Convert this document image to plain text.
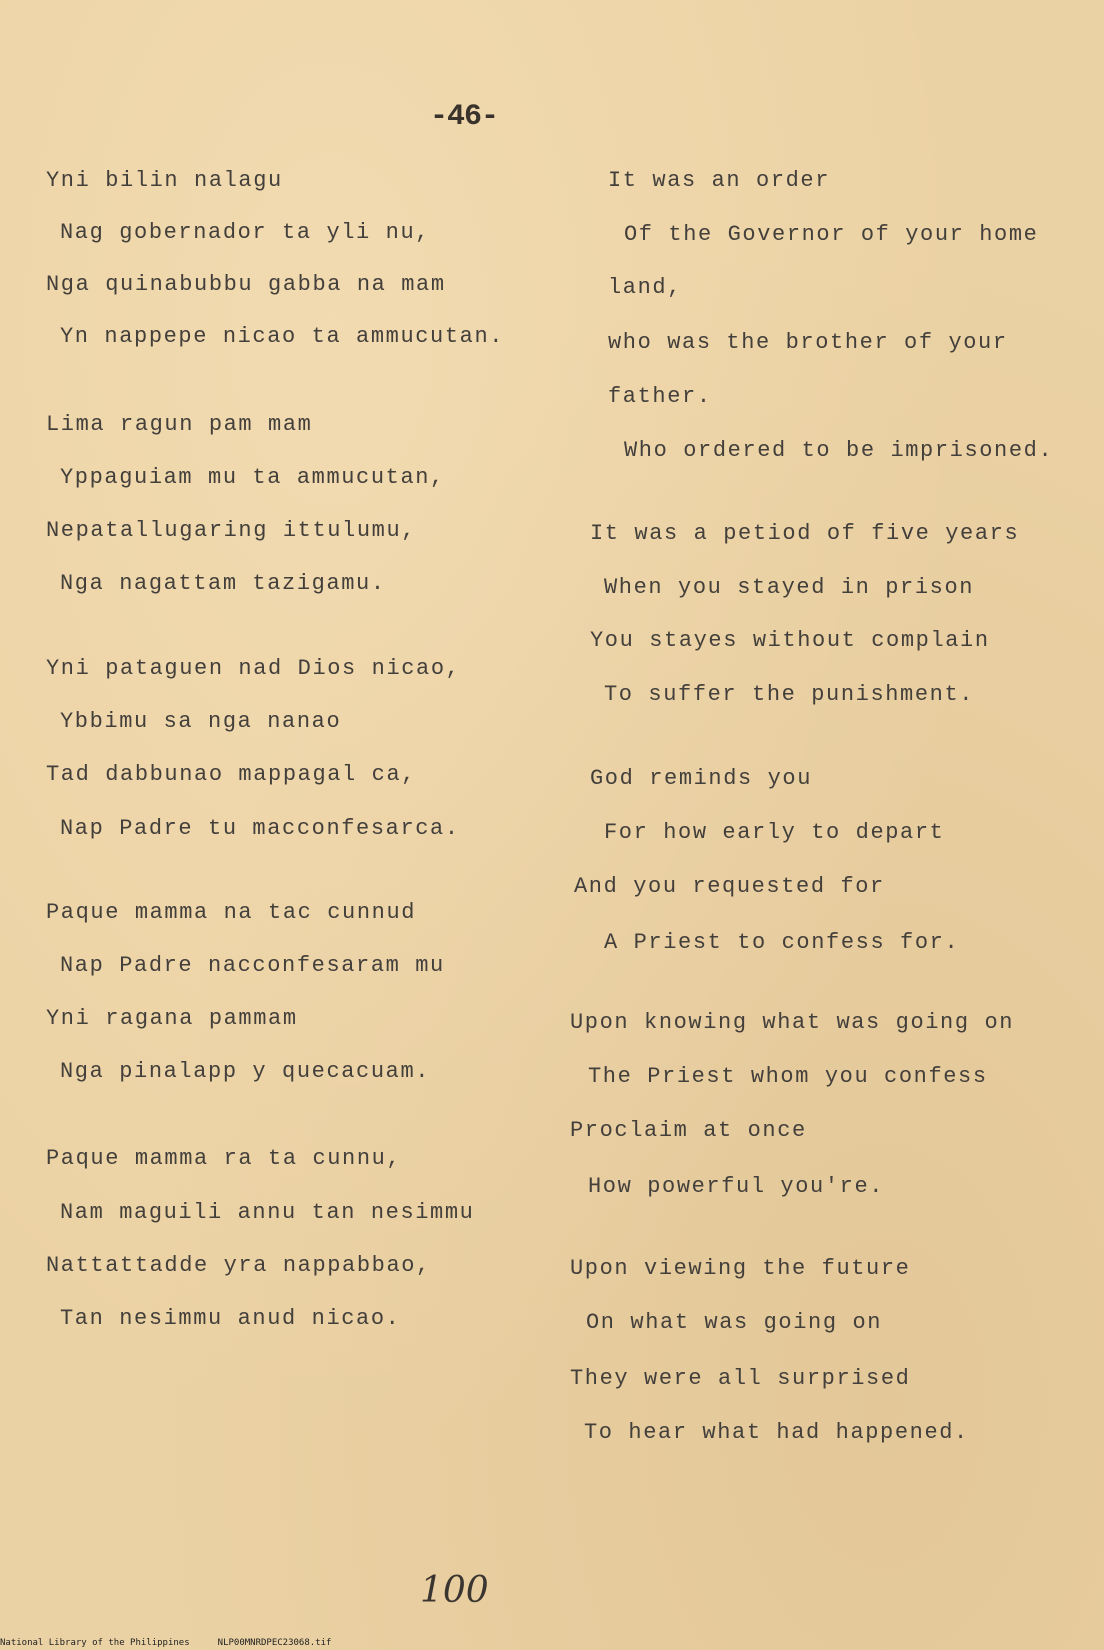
-46-
Yni bilin nalagu
Nag gobernador ta yli nu,
Nga quinabubbu gabba na mam
Yn nappepe nicao ta ammucutan.
Lima ragun pam mam
Yppaguiam mu ta ammucutan,
Nepatallugaring ittulumu,
Nga nagattam tazigamu.
Yni pataguen nad Dios nicao,
Ybbimu sa nga nanao
Tad dabbunao mappagal ca,
Nap Padre tu macconfesarca.
Paque mamma na tac cunnud
Nap Padre nacconfesaram mu
Yni ragana pammam
Nga pinalapp y quecacuam.
Paque mamma ra ta cunnu,
Nam maguili annu tan nesimmu
Nattattadde yra nappabbao,
Tan nesimmu anud nicao.
It was an order
Of the Governor of your home
land,
who was the brother of your
father.
Who ordered to be imprisoned.
It was a petiod of five years
When you stayed in prison
You stayes without complain
To suffer the punishment.
God reminds you
For how early to depart
And you requested for
A Priest to confess for.
Upon knowing what was going on
The Priest whom you confess
Proclaim at once
How powerful you're.
Upon viewing the future
On what was going on
They were all surprised
To hear what had happened.
100
National Library of the Philippines	NLP00MNRDPEC23068.tif
